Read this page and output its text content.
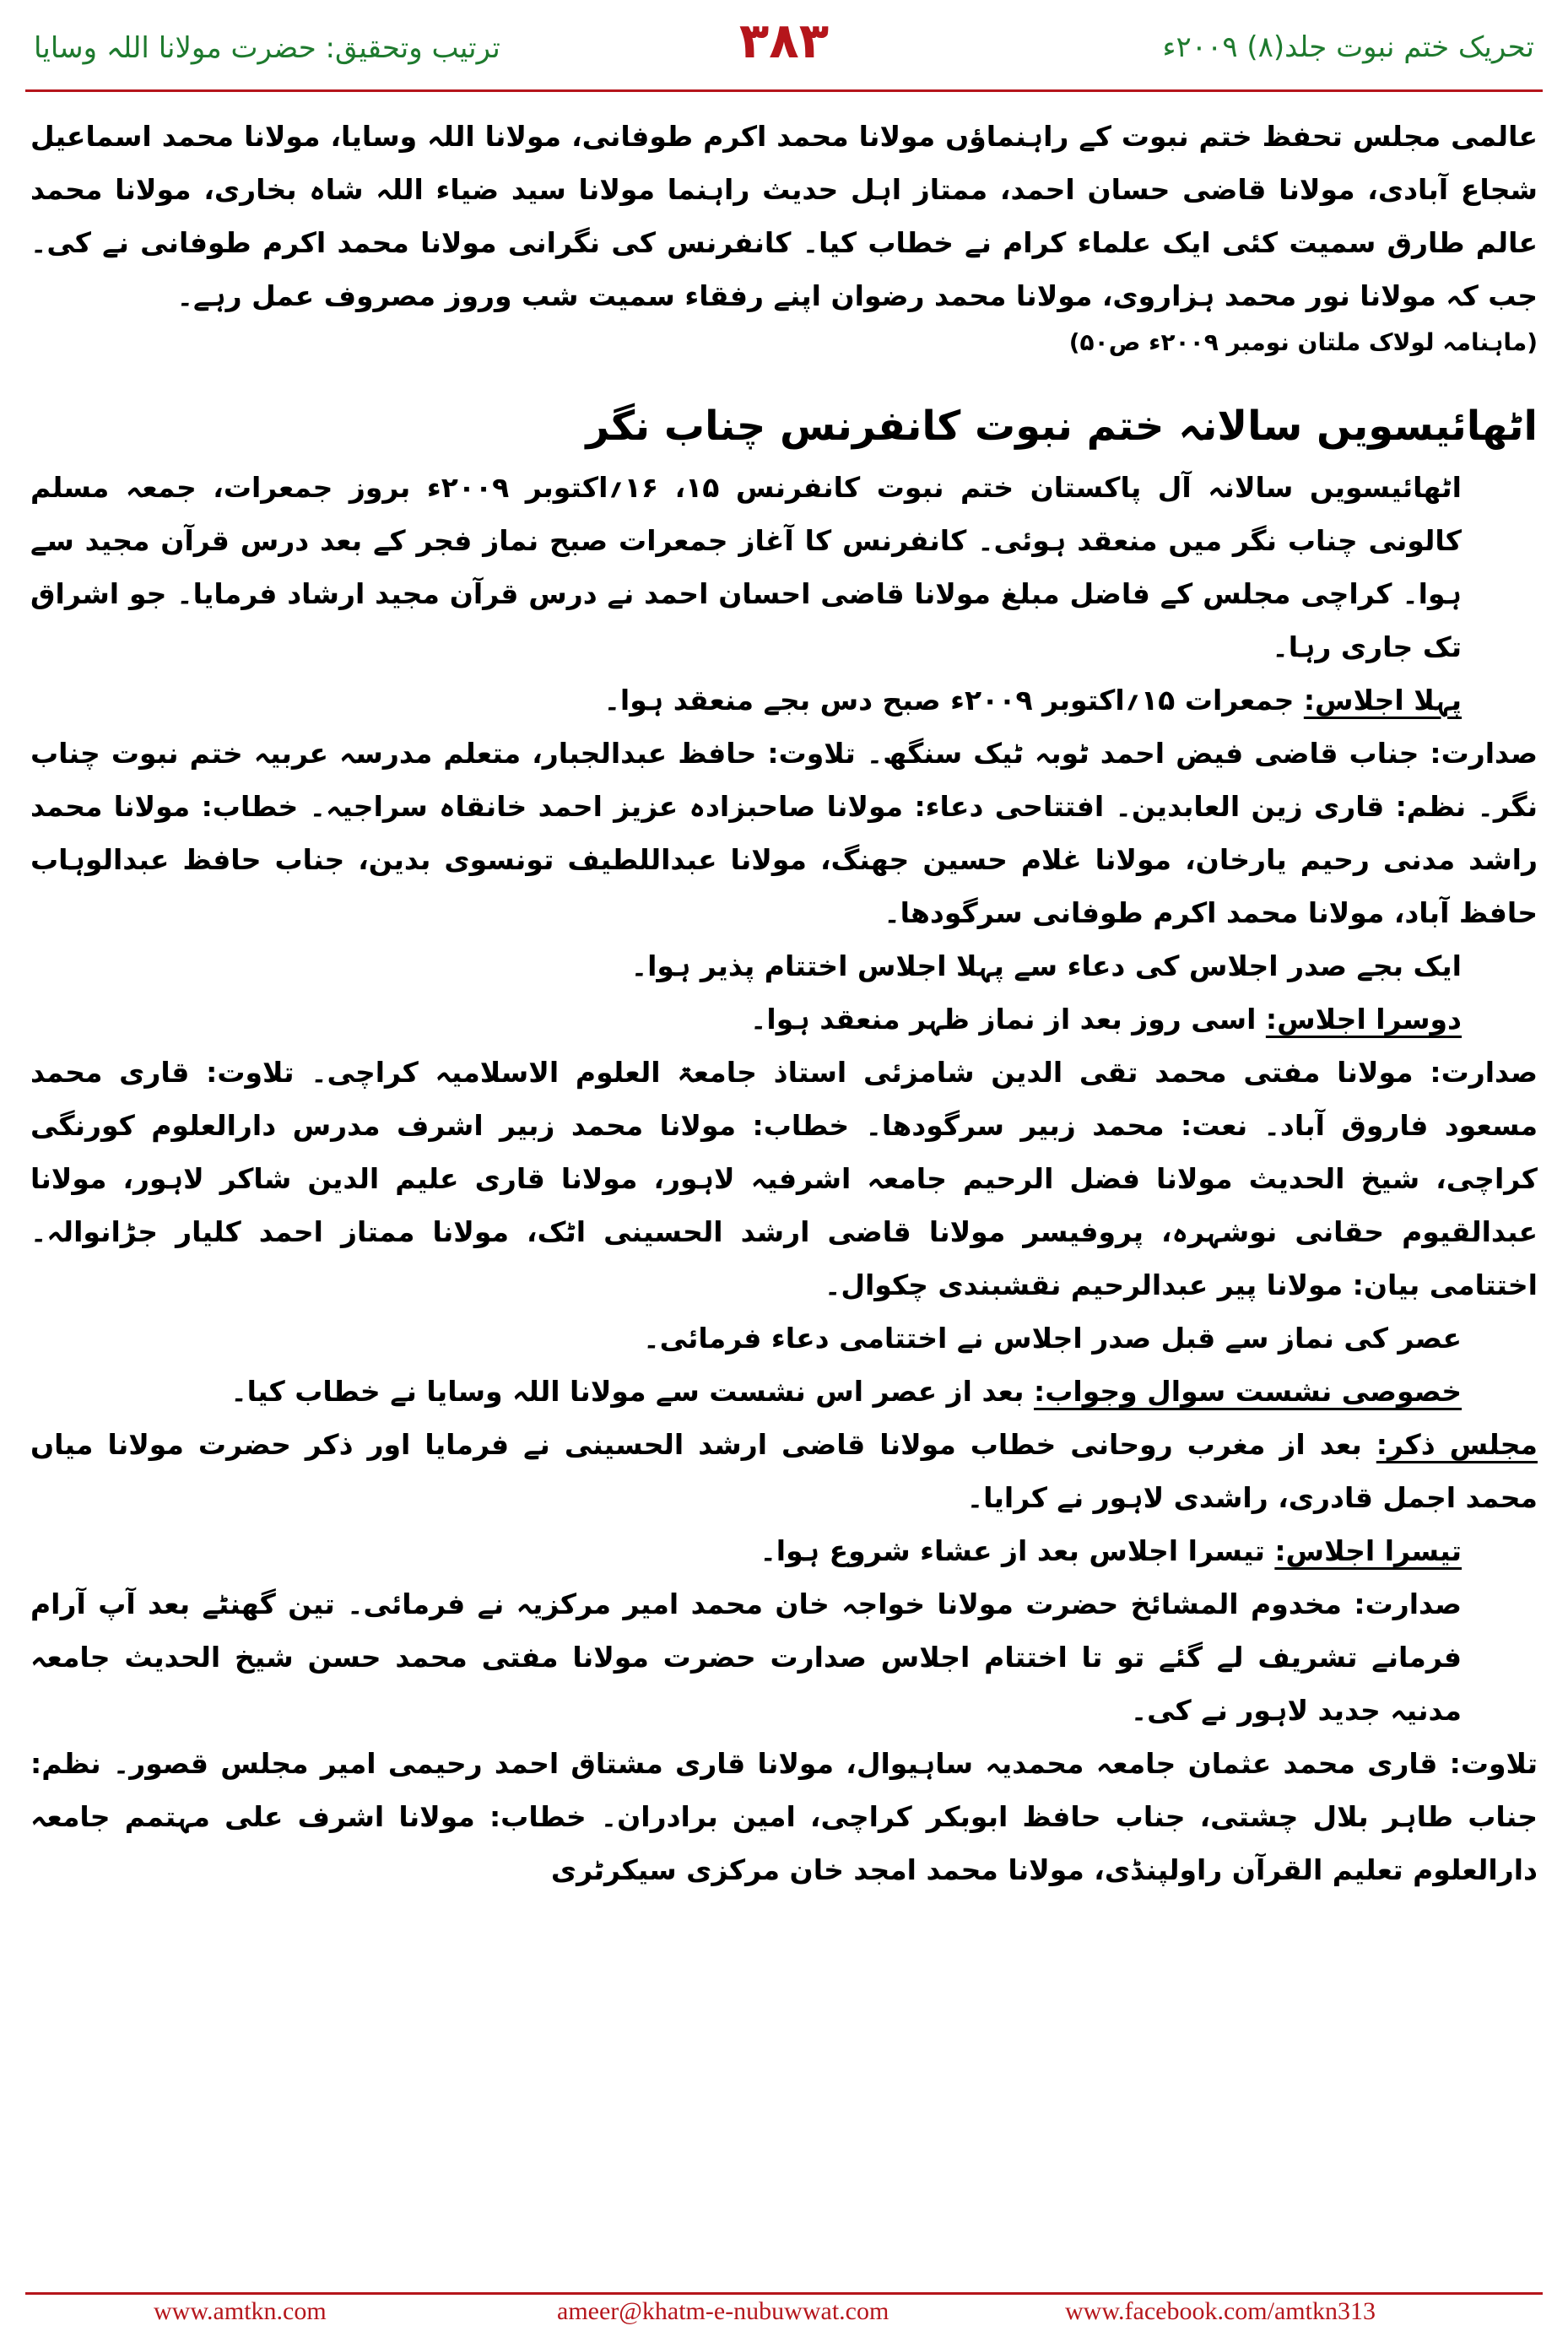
تحریک ختم نبوت جلد(۸) ۲۰۰۹ء
۳۸۳
ترتیب وتحقیق: حضرت مولانا اللہ وسایا

عالمی مجلس تحفظ ختم نبوت کے راہنماؤں مولانا محمد اکرم طوفانی، مولانا اللہ وسایا، مولانا محمد اسماعیل شجاع آبادی، مولانا قاضی حسان احمد، ممتاز اہل حدیث راہنما مولانا سید ضیاء اللہ شاہ بخاری، مولانا محمد عالم طارق سمیت کئی ایک علماء کرام نے خطاب کیا۔ کانفرنس کی نگرانی مولانا محمد اکرم طوفانی نے کی۔ جب کہ مولانا نور محمد ہزاروی، مولانا محمد رضوان اپنے رفقاء سمیت شب وروز مصروف عمل رہے۔

(ماہنامہ لولاک ملتان نومبر ۲۰۰۹ء ص۵۰)

اٹھائیسویں سالانہ ختم نبوت کانفرنس چناب نگر

اٹھائیسویں سالانہ آل پاکستان ختم نبوت کانفرنس ۱۵، ۱۶؍اکتوبر ۲۰۰۹ء بروز جمعرات، جمعہ مسلم کالونی چناب نگر میں منعقد ہوئی۔ کانفرنس کا آغاز جمعرات صبح نماز فجر کے بعد درس قرآن مجید سے ہوا۔ کراچی مجلس کے فاضل مبلغ مولانا قاضی احسان احمد نے درس قرآن مجید ارشاد فرمایا۔ جو اشراق تک جاری رہا۔

پہلا اجلاس: جمعرات ۱۵؍اکتوبر ۲۰۰۹ء صبح دس بجے منعقد ہوا۔

صدارت: جناب قاضی فیض احمد ٹوبہ ٹیک سنگھ۔ تلاوت: حافظ عبدالجبار، متعلم مدرسہ عربیہ ختم نبوت چناب نگر۔ نظم: قاری زین العابدین۔ افتتاحی دعاء: مولانا صاحبزادہ عزیز احمد خانقاہ سراجیہ۔ خطاب: مولانا محمد راشد مدنی رحیم یارخان، مولانا غلام حسین جھنگ، مولانا عبداللطیف تونسوی بدین، جناب حافظ عبدالوہاب حافظ آباد، مولانا محمد اکرم طوفانی سرگودھا۔

ایک بجے صدر اجلاس کی دعاء سے پہلا اجلاس اختتام پذیر ہوا۔

دوسرا اجلاس: اسی روز بعد از نماز ظہر منعقد ہوا۔

صدارت: مولانا مفتی محمد تقی الدین شامزئی استاذ جامعۃ العلوم الاسلامیہ کراچی۔ تلاوت: قاری محمد مسعود فاروق آباد۔ نعت: محمد زبیر سرگودھا۔ خطاب: مولانا محمد زبیر اشرف مدرس دارالعلوم کورنگی کراچی، شیخ الحدیث مولانا فضل الرحیم جامعہ اشرفیہ لاہور، مولانا قاری علیم الدین شاکر لاہور، مولانا عبدالقیوم حقانی نوشہرہ، پروفیسر مولانا قاضی ارشد الحسینی اٹک، مولانا ممتاز احمد کلیار جڑانوالہ۔ اختتامی بیان: مولانا پیر عبدالرحیم نقشبندی چکوال۔

عصر کی نماز سے قبل صدر اجلاس نے اختتامی دعاء فرمائی۔

خصوصی نشست سوال وجواب: بعد از عصر اس نشست سے مولانا اللہ وسایا نے خطاب کیا۔

مجلس ذکر: بعد از مغرب روحانی خطاب مولانا قاضی ارشد الحسینی نے فرمایا اور ذکر حضرت مولانا میاں محمد اجمل قادری، راشدی لاہور نے کرایا۔

تیسرا اجلاس: تیسرا اجلاس بعد از عشاء شروع ہوا۔

صدارت: مخدوم المشائخ حضرت مولانا خواجہ خان محمد امیر مرکزیہ نے فرمائی۔ تین گھنٹے بعد آپ آرام فرمانے تشریف لے گئے تو تا اختتام اجلاس صدارت حضرت مولانا مفتی محمد حسن شیخ الحدیث جامعہ مدنیہ جدید لاہور نے کی۔

تلاوت: قاری محمد عثمان جامعہ محمدیہ ساہیوال، مولانا قاری مشتاق احمد رحیمی امیر مجلس قصور۔ نظم: جناب طاہر بلال چشتی، جناب حافظ ابوبکر کراچی، امین برادران۔ خطاب: مولانا اشرف علی مہتمم جامعہ دارالعلوم تعلیم القرآن راولپنڈی، مولانا محمد امجد خان مرکزی سیکرٹری

www.amtkn.com	ameer@khatm-e-nubuwwat.com	www.facebook.com/amtkn313
